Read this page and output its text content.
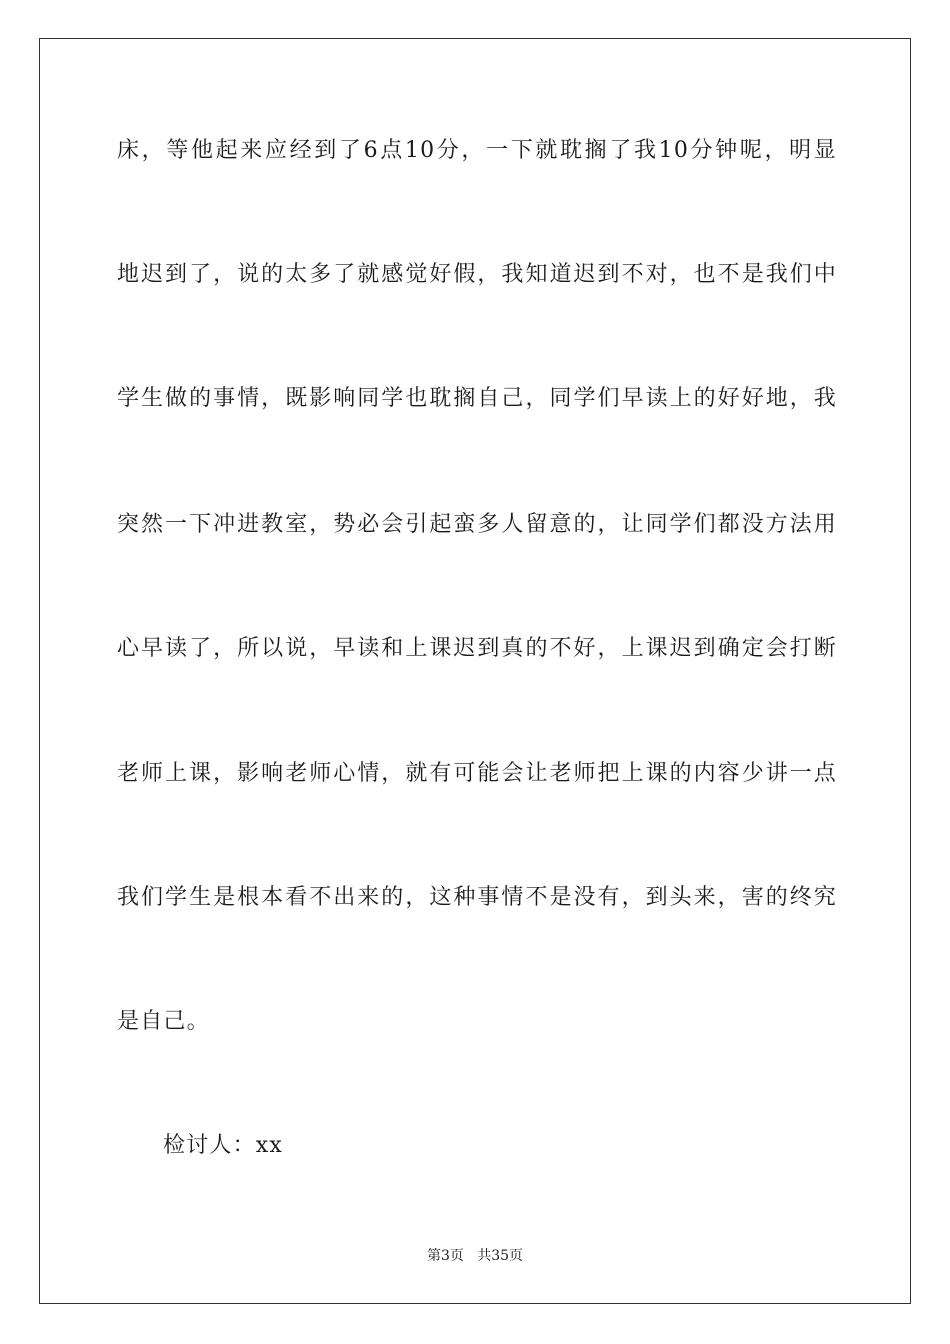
床，等他起来应经到了6点10分，一下就耽搁了我10分钟呢，明显
地迟到了，说的太多了就感觉好假，我知道迟到不对，也不是我们中
学生做的事情，既影响同学也耽搁自己，同学们早读上的好好地，我
突然一下冲进教室，势必会引起蛮多人留意的，让同学们都没方法用
心早读了，所以说，早读和上课迟到真的不好，上课迟到确定会打断
老师上课，影响老师心情，就有可能会让老师把上课的内容少讲一点
我们学生是根本看不出来的，这种事情不是没有，到头来，害的终究
是自己。
检讨人：xx
第3页   共35页
